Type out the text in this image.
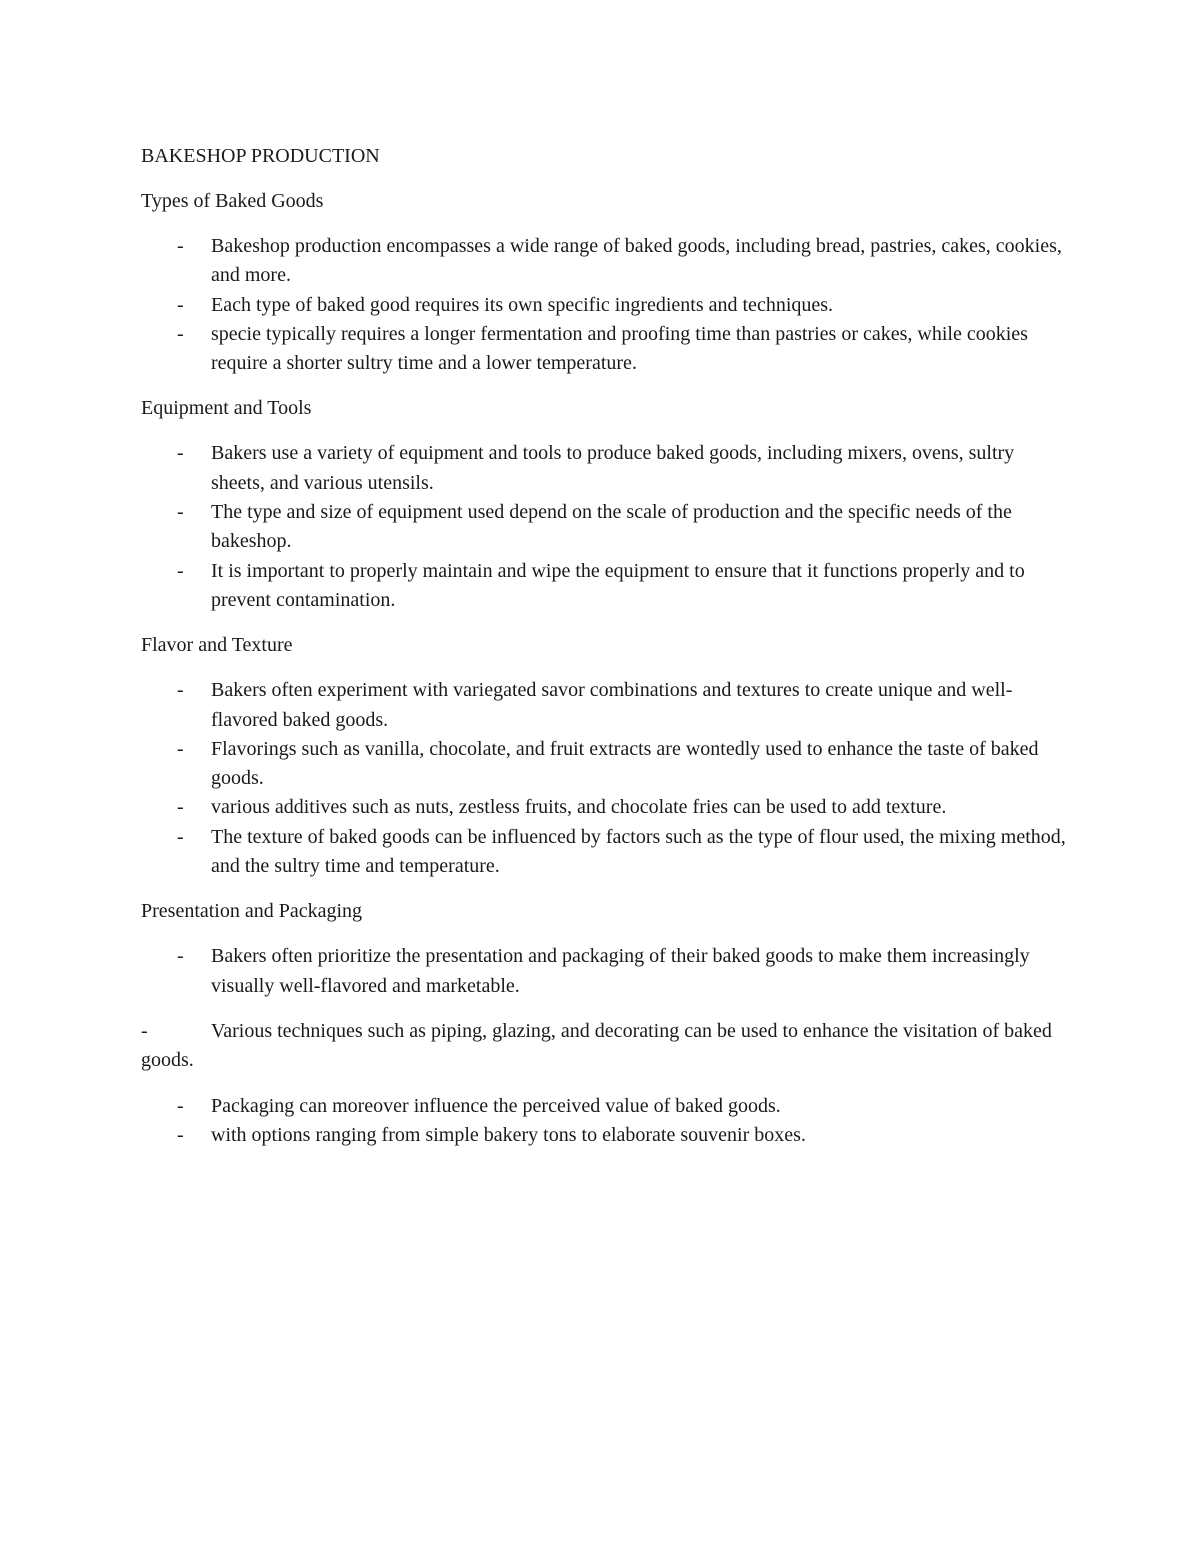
BAKESHOP PRODUCTION

Types of Baked Goods

- Bakeshop production encompasses a wide range of baked goods, including bread, pastries, cakes, cookies, and more.
- Each type of baked good requires its own specific ingredients and techniques.
- specie typically requires a longer fermentation and proofing time than pastries or cakes, while cookies require a shorter sultry time and a lower temperature.

Equipment and Tools

- Bakers use a variety of equipment and tools to produce baked goods, including mixers, ovens, sultry sheets, and various utensils.
- The type and size of equipment used depend on the scale of production and the specific needs of the bakeshop.
- It is important to properly maintain and wipe the equipment to ensure that it functions properly and to prevent contamination.

Flavor and Texture

- Bakers often experiment with variegated savor combinations and textures to create unique and well-flavored baked goods.
- Flavorings such as vanilla, chocolate, and fruit extracts are wontedly used to enhance the taste of baked goods.
- various additives such as nuts, zestless fruits, and chocolate fries can be used to add texture.
- The texture of baked goods can be influenced by factors such as the type of flour used, the mixing method, and the sultry time and temperature.

Presentation and Packaging

- Bakers often prioritize the presentation and packaging of their baked goods to make them increasingly visually well-flavored and marketable.

-	Various techniques such as piping, glazing, and decorating can be used to enhance the visitation of baked goods.

- Packaging can moreover influence the perceived value of baked goods.
- with options ranging from simple bakery tons to elaborate souvenir boxes.
